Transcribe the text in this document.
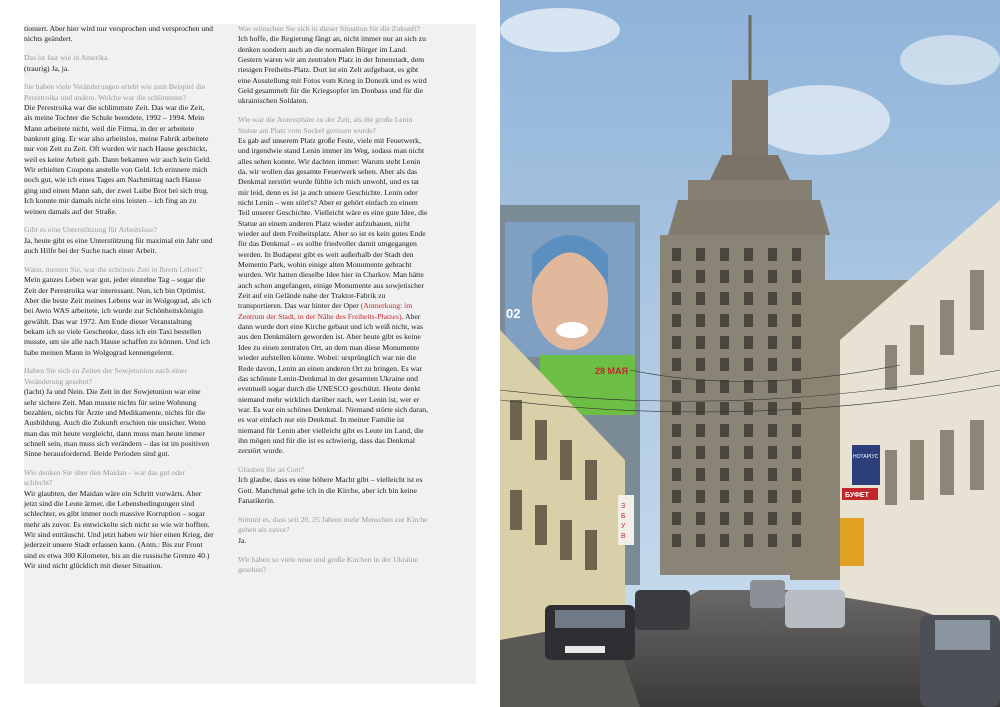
tioniert. Aber hier wird nur versprochen und versprochen und nichts geändert.

Das ist fast wie in Amerika.

(traurig) Ja, ja.

Sie haben viele Veränderungen erlebt wie zum Beispiel die Perestroika und andere. Welche war die schlimmste?

Die Perestroika war die schlimmste Zeit. Das war die Zeit, als meine Tochter die Schule beendete, 1992 – 1994. Mein Mann arbeitete nicht, weil die Firma, in der er arbeitete bankrott ging. Er war also arbeitslos, meine Fabrik arbeitete nur von Zeit zu Zeit. Oft wurden wir nach Hause geschickt, weil es keine Arbeit gab. Dann bekamen wir auch kein Geld. Wir erhielten Coupons anstelle von Geld. Ich erinnere mich noch gut, wie ich eines Tages am Nachmittag nach Hause ging und einen Mann sah, der zwei Laibe Brot bei sich trug. Ich konnte mir damals nicht eins leisten – ich fing an zu weinen damals auf der Straße.

Gibt es eine Unterstützung für Arbeitslose?

Ja, heute gibt es eine Unterstützung für maximal ein Jahr und auch Hilfe bei der Suche nach einer Arbeit.

Wann, meinen Sie, war die schönste Zeit in Ihrem Leben?

Mein ganzes Leben war gut, jeder einzelne Tag – sogar die Zeit der Perestroika war interessant. Nun, ich bin Optimist. Aber die beste Zeit meines Lebens war in Wolgograd, als ich bei Awto WAS arbeitete, ich wurde zur Schönheitskönigin gewählt. Das war 1972. Am Ende dieser Veranstaltung bekam ich so viele Geschenke, dass ich ein Taxi bestellen musste, um sie alle nach Hause schaffen zu können. Und ich habe meinen Mann in Wolgograd kennengelernt.

Haben Sie sich zu Zeiten der Sowjetunion nach einer Veränderung gesehnt?

(lacht) Ja und Nein. Die Zeit in der Sowjetunion war eine sehr sichere Zeit. Man musste nichts für seine Wohnung bezahlen, nichts für Ärzte und Medikamente, nichts für die Ausbildung. Auch die Zukunft erschien nie unsicher. Wenn man das mit heute vergleicht, dann muss man heute immer schnell sein, man muss sich verändern – das ist im positiven Sinne herausfordernd. Beide Perioden sind gut.

Wie denken Sie über den Maidan – war das gut oder schlecht?

Wir glaubten, der Maidan wäre ein Schritt vorwärts. Aber jetzt sind die Leute ärmer, die Lebensbedingungen sind schlechter, es gibt immer noch massive Korruption – sogar mehr als zuvor. Es entwickelte sich nicht so wie wir hofften. Wir sind enttäuscht. Und jetzt haben wir hier einen Krieg, der jederzeit unsere Stadt erfassen kann. (Anm.: Bis zur Front sind es etwa 300 Kilometer, bis an die russische Grenze 40.) Wir sind nicht glücklich mit dieser Situation.

Was wünschen Sie sich in dieser Situation für die Zukunft?

Ich hoffe, die Regierung fängt an, nicht immer nur an sich zu denken sondern auch an die normalen Bürger im Land. Gestern waren wir am zentralen Platz in der Innenstadt, dem riesigen Freiheits-Platz. Dort ist ein Zelt aufgebaut, es gibt eine Ausstellung mit Fotos vom Krieg in Donezk und es wird Geld gesammelt für die Kriegsopfer im Donbass und für die ukrainischen Soldaten.

Wie war die Atmosphäre zu der Zeit, als die große Lenin Statue am Platz vom Sockel gerissen wurde?

Es gab auf unserem Platz große Feste, viele mit Feuerwerk, und irgendwie stand Lenin immer im Weg, sodass man nicht alles sehen konnte. Wir dachten immer: Warum steht Lenin da, wir wollen das gesamte Feuerwerk sehen. Aber als das Denkmal zerstört wurde fühlte ich mich unwohl, und es tat mir leid, denn es ist ja auch unsere Geschichte. Lenin oder nicht Lenin – wen stört's? Aber er gehört einfach zu einem Teil unserer Geschichte. Vielleicht wäre es eine gute Idee, die Statue an einem anderen Platz wieder aufzubauen, nicht wieder auf dem Freiheitsplatz. Aber so ist es kein gutes Ende für das Denkmal – es sollte friedvoller damit umgegangen werden. In Budapest gibt es weit außerhalb der Stadt den Memento Park, wohin einige alten Monumente gebracht wurden. Wir hatten dieselbe Idee hier in Charkov. Man hätte auch schon angefangen, einige Monumente aus sowjetischer Zeit auf ein Gelände nahe der Traktor-Fabrik zu transportieren. Das war hinter der Oper (Anmerkung: im Zentrum der Stadt, in der Nähe des Freiheits-Platzes). Aber dann wurde dort eine Kirche gebaut und ich weiß nicht, was aus den Denkmälern geworden ist. Aber heute gibt es keine Idee zu einen zentralen Ort, an dem man diese Monumente wieder aufstellen könnte. Wobei: ursprünglich war nie die Rede davon, Lenin an einen anderen Ort zu bringen. Es war das schönste Lenin-Denkmal in der gesamten Ukraine und eventuell sogar durch die UNESCO geschützt. Heute denkt niemand mehr wirklich darüber nach, wer Lenin ist, wer er war. Es war ein schönes Denkmal. Niemand störte sich daran, es war einfach nur ein Denkmal. In meiner Familie ist niemand für Lenin aber vielleicht gibt es Leute im Land, die ihn mögen und für die ist es schwierig, dass das Denkmal zerstört wurde.

Glauben Sie an Gott?

Ich glaube, dass es eine höhere Macht gibt – vielleicht ist es Gott. Manchmal gehe ich in die Kirche, aber ich bin keine Fanatikerin.

Stimmt es, dass seit 20, 25 Jahren mehr Menschen zur Kirche gehen als zuvor?

Ja.

Wir haben so viele neue und große Kirchen in der Ukraine gesehen?

02
28 МАЯ
З Б У В
НОТАРІУС
БУФЕТ
